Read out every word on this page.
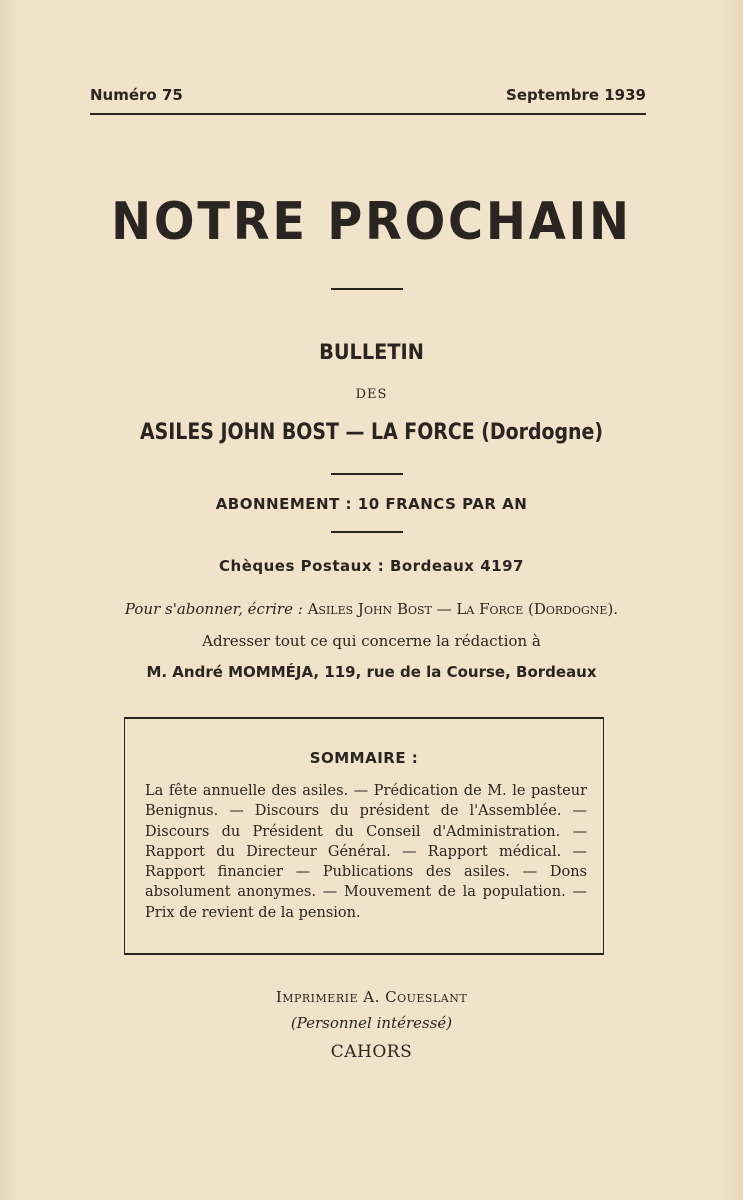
Numéro 75	Septembre 1939
NOTRE PROCHAIN
BULLETIN
DES
ASILES JOHN BOST — LA FORCE (Dordogne)
ABONNEMENT : 10 FRANCS PAR AN
Chèques Postaux : Bordeaux 4197
Pour s'abonner, écrire : Asiles John Bost — La Force (Dordogne).
Adresser tout ce qui concerne la rédaction à
M. André MOMMÉJA, 119, rue de la Course, Bordeaux
SOMMAIRE :
La fête annuelle des asiles. — Prédication de M. le pasteur Benignus. — Discours du président de l'Assemblée. — Discours du Président du Conseil d'Administration. — Rapport du Directeur Général. — Rapport médical. — Rapport financier — Publications des asiles. — Dons absolument anonymes. — Mouvement de la population. — Prix de revient de la pension.
Imprimerie A. Coueslant
(Personnel intéressé)
CAHORS
